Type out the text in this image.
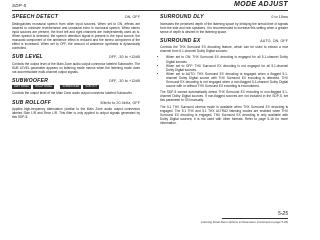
SDP-5	MODE ADJUST
SPEECH DETECT	ON, OFF

Distinguishes monaural speech from other input sources. When set to ON, effects are lowered to minimize reverberance and unnatural echo in monaural speech. When stereo input sources are present, the front left and right channels are independently used as is. When speech is detected, the speech detection signal is present in the input source; the monaural component of the ambience effect is reduced and the stereo component of the effect is increased. When set to OFF, the amount of ambience synthesis is dynamically controlled.

SUB LEVEL	OFF, -30 to +12dB

Controls the output level of the Main Zone audio output connector labeled Subwoofer. The SUB LEVEL parameter appears on listening mode menus when the listening mode does not accommodate multi-channel output signals.

SUBWOOFER	OFF, -30 to +12dB
LEFT PANEL	RIGHT PANEL	SUBWOOFER	SUB OUT

Controls the output level of the Main Zone audio output connector labeled Subwoofer.

SUB ROLLOFF	50kHz to 20.0kHz, OFF

Applies high-frequency attenuation (similar to the Main Zone audio output connectors labeled Side L/R and Rear L/R. This filter is only applied to output signals generated by this SDP-5.

SURROUND DLY	0 to 15ms

Increases the perceived depth of the listening space by delaying the arrival time of signals from the side and rear speakers. It is recommended to increase this setting when a greater sense of depth is desired in the listening space.

SURROUND EX	AUTO, ON, OFF

Controls the THX Surround EX decoding feature, which can be used to extract a rear channel from 5.1-channel Dolby Digital sources:

• When set to ON: THX Surround EX decoding is engaged for all 5.1-channel Dolby Digital sources.
• When set to OFF: THX Surround EX decoding is not engaged for all 5.1-channel Dolby Digital sources.
• When set to AUTO: THX Surround EX decoding is engaged when a flagged 5.1-channel Dolby Digital source with THX Surround EX encoding is detected. THX Surround EX decoding is not engaged when a non-flagged 5.1-channel Dolby Digital source with or without THX Surround EX encoding is encountered.

The SDP-5 cannot automatically detect THX Surround EX encoding in non-flagged 5.1-channel Dolby Digital sources. If non-flagged sources are not included in the SDP-5, set this parameter to ON manually.

The 5.1 THX Surround cinema mode is available when THX Surround EX decoding is engaged. The 5.1 THX and 5.1 THX ULTRA2 listening modes are enabled when THX Surround EX decoding is engaged. THX Surround EX decoding is only available with Dolby Digital sources; it is not used with other formats. Refer to page 5-16 for more information.

5-25
Listening Mode Menu Options & Parameters (continued on page 5-26)
